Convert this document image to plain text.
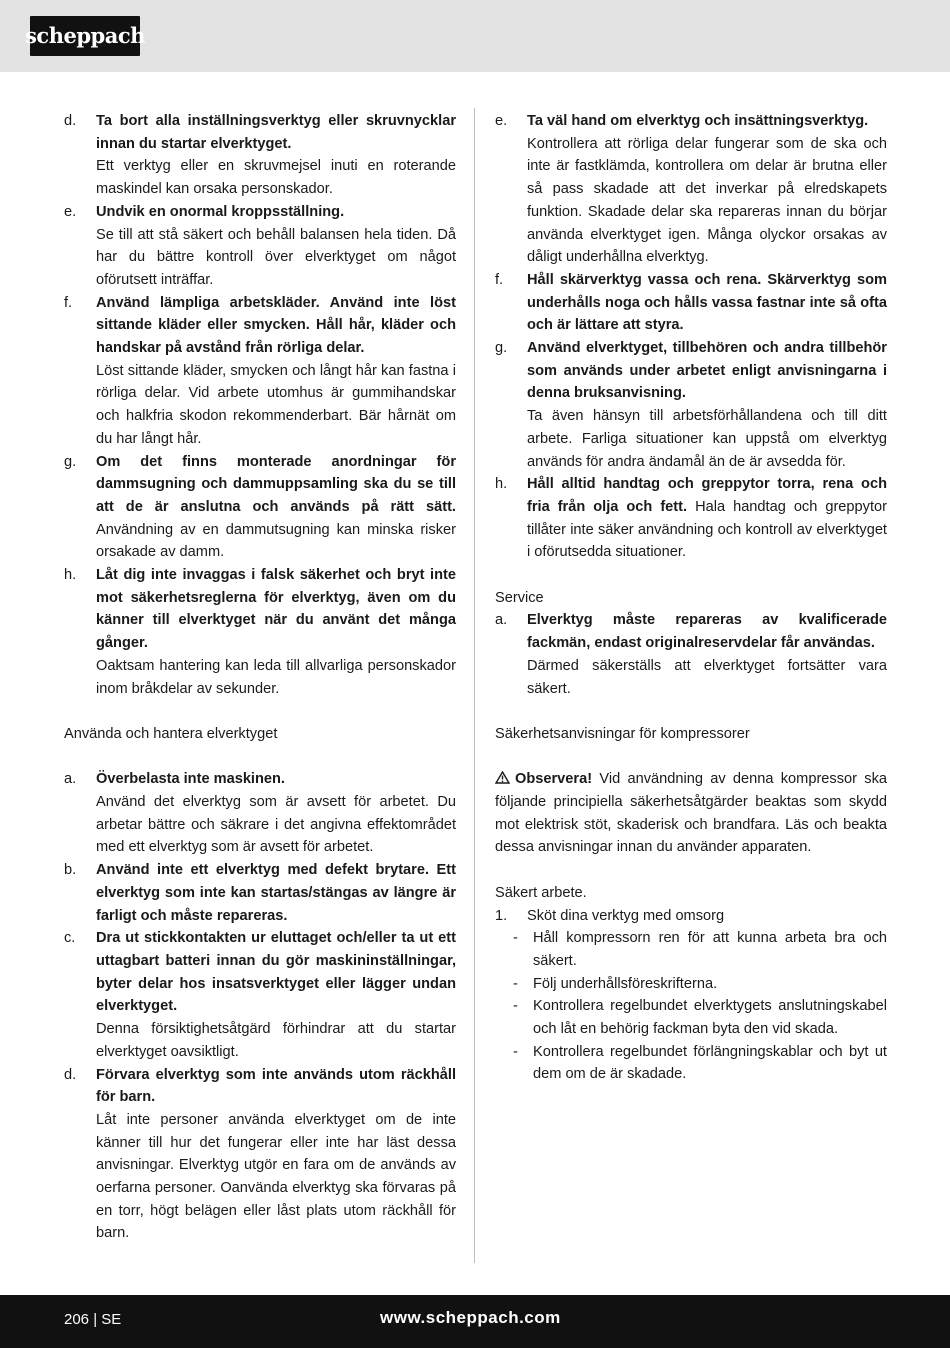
scheppach
d.	Ta bort alla inställningsverktyg eller skruvnycklar innan du startar elverktyget.
Ett verktyg eller en skruvmejsel inuti en roterande maskindel kan orsaka personskador.
e.	Undvik en onormal kroppsställning.
Se till att stå säkert och behåll balansen hela tiden. Då har du bättre kontroll över elverktyget om något oförutsett inträffar.
f.	Använd lämpliga arbetskläder. Använd inte löst sittande kläder eller smycken. Håll hår, kläder och handskar på avstånd från rörliga delar.
Löst sittande kläder, smycken och långt hår kan fastna i rörliga delar. Vid arbete utomhus är gummihandskar och halkfria skodon rekommenderbart. Bär hårnät om du har långt hår.
g.	Om det finns monterade anordningar för dammsugning och dammuppsamling ska du se till att de är anslutna och används på rätt sätt. Användning av en dammutsugning kan minska risker orsakade av damm.
h.	Låt dig inte invaggas i falsk säkerhet och bryt inte mot säkerhetsreglerna för elverktyg, även om du känner till elverktyget när du använt det många gånger.
Oaktsam hantering kan leda till allvarliga personskador inom bråkdelar av sekunder.
Använda och hantera elverktyget
a.	Överbelasta inte maskinen.
Använd det elverktyg som är avsett för arbetet. Du arbetar bättre och säkrare i det angivna effektområdet med ett elverktyg som är avsett för arbetet.
b.	Använd inte ett elverktyg med defekt brytare. Ett elverktyg som inte kan startas/stängas av längre är farligt och måste repareras.
c.	Dra ut stickkontakten ur eluttaget och/eller ta ut ett uttagbart batteri innan du gör maskininställningar, byter delar hos insatsverktyget eller lägger undan elverktyget.
Denna försiktighetsåtgärd förhindrar att du startar elverktyget oavsiktligt.
d.	Förvara elverktyg som inte används utom räckhåll för barn.
Låt inte personer använda elverktyget om de inte känner till hur det fungerar eller inte har läst dessa anvisningar. Elverktyg utgör en fara om de används av oerfarna personer. Oanvända elverktyg ska förvaras på en torr, högt belägen eller låst plats utom räckhåll för barn.
e.	Ta väl hand om elverktyg och insättningsverktyg.
Kontrollera att rörliga delar fungerar som de ska och inte är fastklämda, kontrollera om delar är brutna eller så pass skadade att det inverkar på elredskapets funktion. Skadade delar ska repareras innan du börjar använda elverktyget igen. Många olyckor orsakas av dåligt underhållna elverktyg.
f.	Håll skärverktyg vassa och rena. Skärverktyg som underhålls noga och hålls vassa fastnar inte så ofta och är lättare att styra.
g.	Använd elverktyget, tillbehören och andra tillbehör som används under arbetet enligt anvisningarna i denna bruksanvisning.
Ta även hänsyn till arbetsförhållandena och till ditt arbete. Farliga situationer kan uppstå om elverktyg används för andra ändamål än de är avsedda för.
h.	Håll alltid handtag och greppytor torra, rena och fria från olja och fett. Hala handtag och greppytor tillåter inte säker användning och kontroll av elverktyget i oförutsedda situationer.
Service
a.	Elverktyg måste repareras av kvalificerade fackmän, endast originalreservdelar får användas.
Därmed säkerställs att elverktyget fortsätter vara säkert.
Säkerhetsanvisningar för kompressorer

Observera! Vid användning av denna kompressor ska följande principiella säkerhetsåtgärder beaktas som skydd mot elektrisk stöt, skaderisk och brandfara. Läs och beakta dessa anvisningar innan du använder apparaten.

Säkert arbete.
1.	Sköt dina verktyg med omsorg
-	Håll kompressorn ren för att kunna arbeta bra och säkert.
-	Följ underhållsföreskrifterna.
-	Kontrollera regelbundet elverktygets anslutningskabel och låt en behörig fackman byta den vid skada.
-	Kontrollera regelbundet förlängningskablar och byt ut dem om de är skadade.
206 | SE	www.scheppach.com
